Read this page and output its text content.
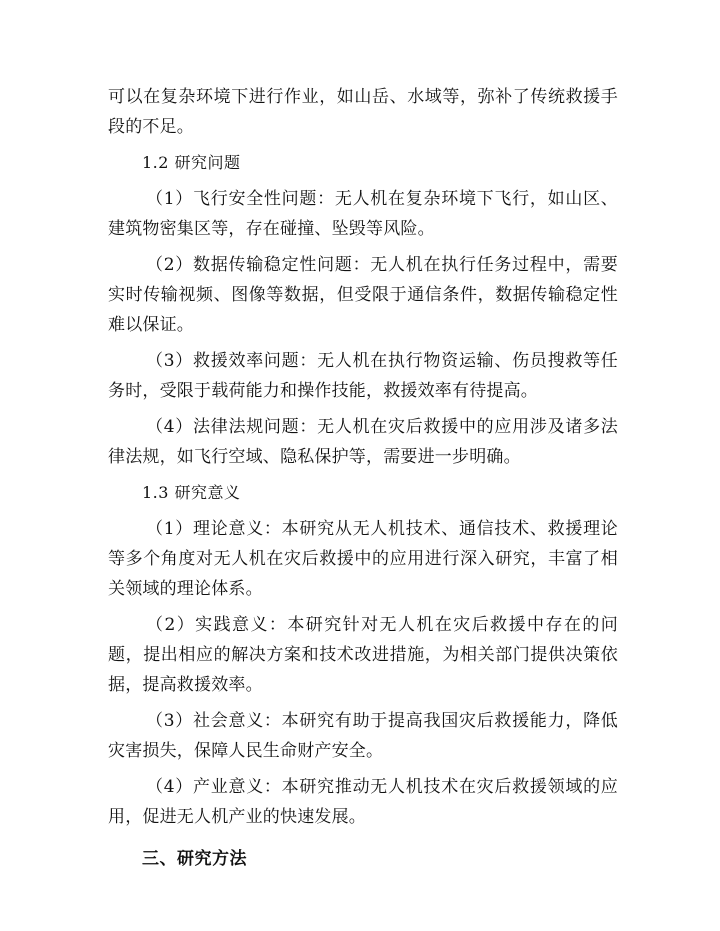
可以在复杂环境下进行作业，如山岳、水域等，弥补了传统救援手段的不足。

1.2 研究问题

（1）飞行安全性问题：无人机在复杂环境下飞行，如山区、建筑物密集区等，存在碰撞、坠毁等风险。

（2）数据传输稳定性问题：无人机在执行任务过程中，需要实时传输视频、图像等数据，但受限于通信条件，数据传输稳定性难以保证。

（3）救援效率问题：无人机在执行物资运输、伤员搜救等任务时，受限于载荷能力和操作技能，救援效率有待提高。

（4）法律法规问题：无人机在灾后救援中的应用涉及诸多法律法规，如飞行空域、隐私保护等，需要进一步明确。

1.3 研究意义

（1）理论意义：本研究从无人机技术、通信技术、救援理论等多个角度对无人机在灾后救援中的应用进行深入研究，丰富了相关领域的理论体系。

（2）实践意义：本研究针对无人机在灾后救援中存在的问题，提出相应的解决方案和技术改进措施，为相关部门提供决策依据，提高救援效率。

（3）社会意义：本研究有助于提高我国灾后救援能力，降低灾害损失，保障人民生命财产安全。

（4）产业意义：本研究推动无人机技术在灾后救援领域的应用，促进无人机产业的快速发展。

三、研究方法
